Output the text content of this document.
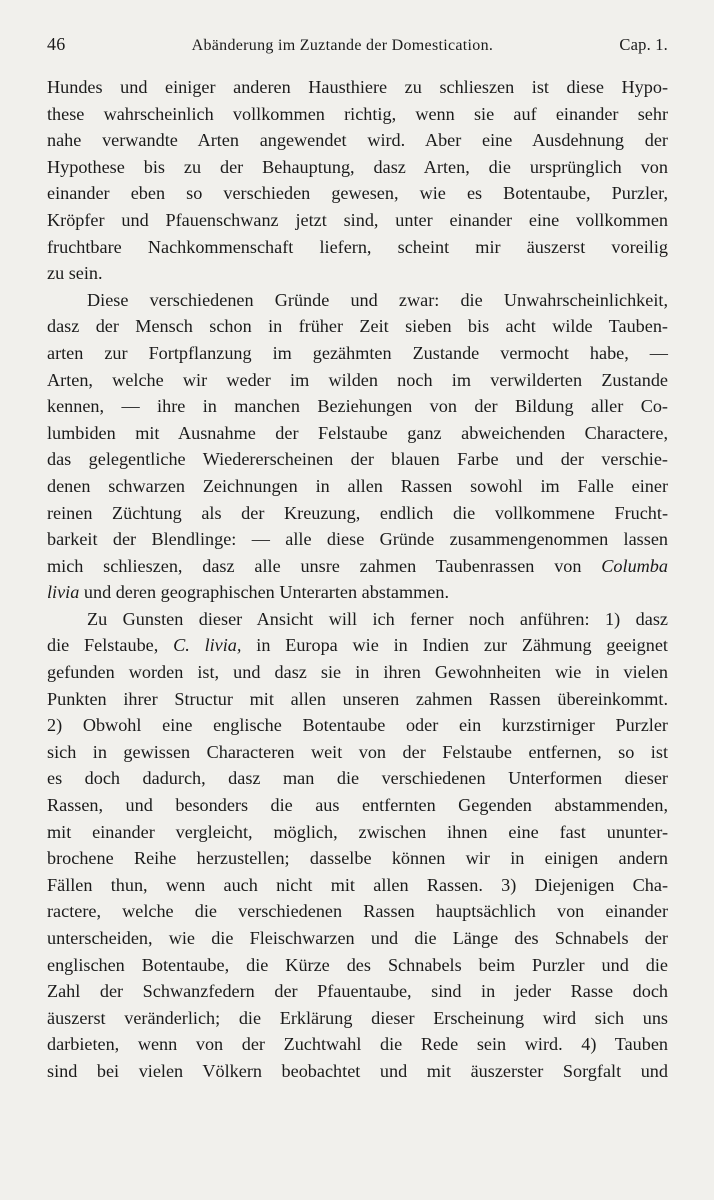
46	Abänderung im Zuztande der Domestication.	Cap. 1.

Hundes und einiger anderen Hausthiere zu schlieszen ist diese Hypo-
these wahrscheinlich vollkommen richtig, wenn sie auf einander sehr
nahe verwandte Arten angewendet wird. Aber eine Ausdehnung der
Hypothese bis zu der Behauptung, dasz Arten, die ursprünglich von
einander eben so verschieden gewesen, wie es Botentaube, Purzler,
Kröpfer und Pfauenschwanz jetzt sind, unter einander eine vollkommen
fruchtbare Nachkommenschaft liefern, scheint mir äuszerst voreilig
zu sein.

Diese verschiedenen Gründe und zwar: die Unwahrscheinlichkeit,
dasz der Mensch schon in früher Zeit sieben bis acht wilde Tauben-
arten zur Fortpflanzung im gezähmten Zustande vermocht habe, —
Arten, welche wir weder im wilden noch im verwilderten Zustande
kennen, — ihre in manchen Beziehungen von der Bildung aller Co-
lumbiden mit Ausnahme der Felstaube ganz abweichenden Charactere,
das gelegentliche Wiedererscheinen der blauen Farbe und der verschie-
denen schwarzen Zeichnungen in allen Rassen sowohl im Falle einer
reinen Züchtung als der Kreuzung, endlich die vollkommene Frucht-
barkeit der Blendlinge: — alle diese Gründe zusammengenommen lassen
mich schlieszen, dasz alle unsre zahmen Taubenrassen von Columba
livia und deren geographischen Unterarten abstammen.

Zu Gunsten dieser Ansicht will ich ferner noch anführen: 1) dasz
die Felstaube, C. livia, in Europa wie in Indien zur Zähmung geeignet
gefunden worden ist, und dasz sie in ihren Gewohnheiten wie in vielen
Punkten ihrer Structur mit allen unseren zahmen Rassen übereinkommt.
2) Obwohl eine englische Botentaube oder ein kurzstirniger Purzler
sich in gewissen Characteren weit von der Felstaube entfernen, so ist
es doch dadurch, dasz man die verschiedenen Unterformen dieser
Rassen, und besonders die aus entfernten Gegenden abstammenden,
mit einander vergleicht, möglich, zwischen ihnen eine fast ununter-
brochene Reihe herzustellen; dasselbe können wir in einigen andern
Fällen thun, wenn auch nicht mit allen Rassen. 3) Diejenigen Cha-
ractere, welche die verschiedenen Rassen hauptsächlich von einander
unterscheiden, wie die Fleischwarzen und die Länge des Schnabels der
englischen Botentaube, die Kürze des Schnabels beim Purzler und die
Zahl der Schwanzfedern der Pfauentaube, sind in jeder Rasse doch
äuszerst veränderlich; die Erklärung dieser Erscheinung wird sich uns
darbieten, wenn von der Zuchtwahl die Rede sein wird. 4) Tauben
sind bei vielen Völkern beobachtet und mit äuszerster Sorgfalt und
